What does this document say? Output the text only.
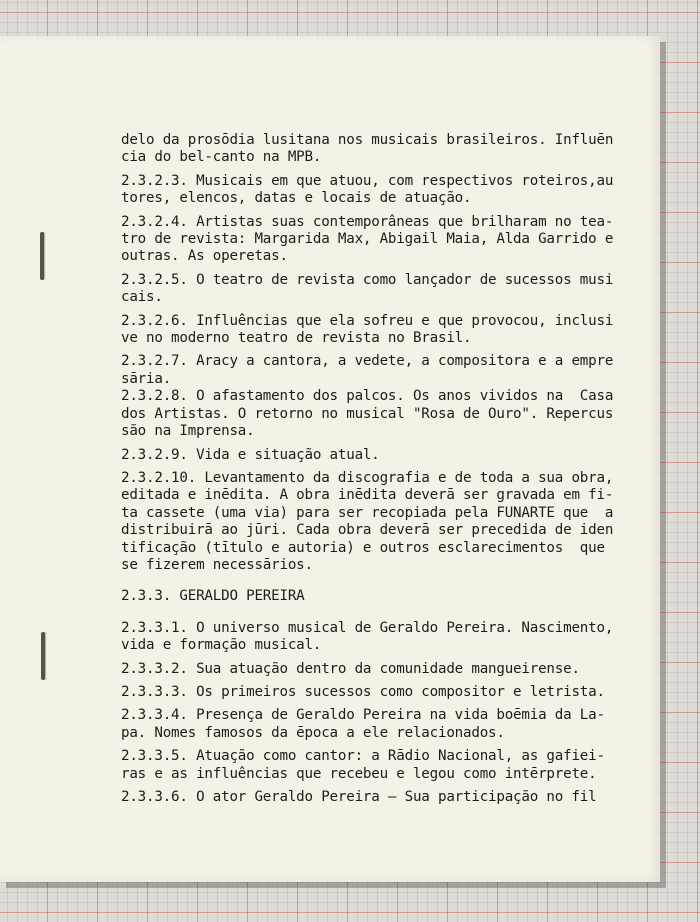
delo da prosōdia lusitana nos musicais brasileiros. Influēn
cia do bel-canto na MPB.
2.3.2.3. Musicais em que atuou, com respectivos roteiros,au
tores, elencos, datas e locais de atuação.
2.3.2.4. Artistas suas contemporâneas que brilharam no tea-
tro de revista: Margarida Max, Abigail Maia, Alda Garrido e
outras. As operetas.
2.3.2.5. O teatro de revista como lançador de sucessos musi
cais.
2.3.2.6. Influências que ela sofreu e que provocou, inclusi
ve no moderno teatro de revista no Brasil.
2.3.2.7. Aracy a cantora, a vedete, a compositora e a empre
sāria.
2.3.2.8. O afastamento dos palcos. Os anos vividos na  Casa
dos Artistas. O retorno no musical "Rosa de Ouro". Repercus
são na Imprensa.
2.3.2.9. Vida e situação atual.
2.3.2.10. Levantamento da discografia e de toda a sua obra,
editada e inēdita. A obra inēdita deverā ser gravada em fi-
ta cassete (uma via) para ser recopiada pela FUNARTE que  a
distribuirā ao jūri. Cada obra deverā ser precedida de iden
tificação (tītulo e autoria) e outros esclarecimentos  que
se fizerem necessārios.
2.3.3. GERALDO PEREIRA
2.3.3.1. O universo musical de Geraldo Pereira. Nascimento,
vida e formação musical.
2.3.3.2. Sua atuação dentro da comunidade mangueirense.
2.3.3.3. Os primeiros sucessos como compositor e letrista.
2.3.3.4. Presença de Geraldo Pereira na vida boēmia da La-
pa. Nomes famosos da ēpoca a ele relacionados.
2.3.3.5. Atuação como cantor: a Rādio Nacional, as gafiei-
ras e as influências que recebeu e legou como intērprete.
2.3.3.6. O ator Geraldo Pereira — Sua participação no fil
